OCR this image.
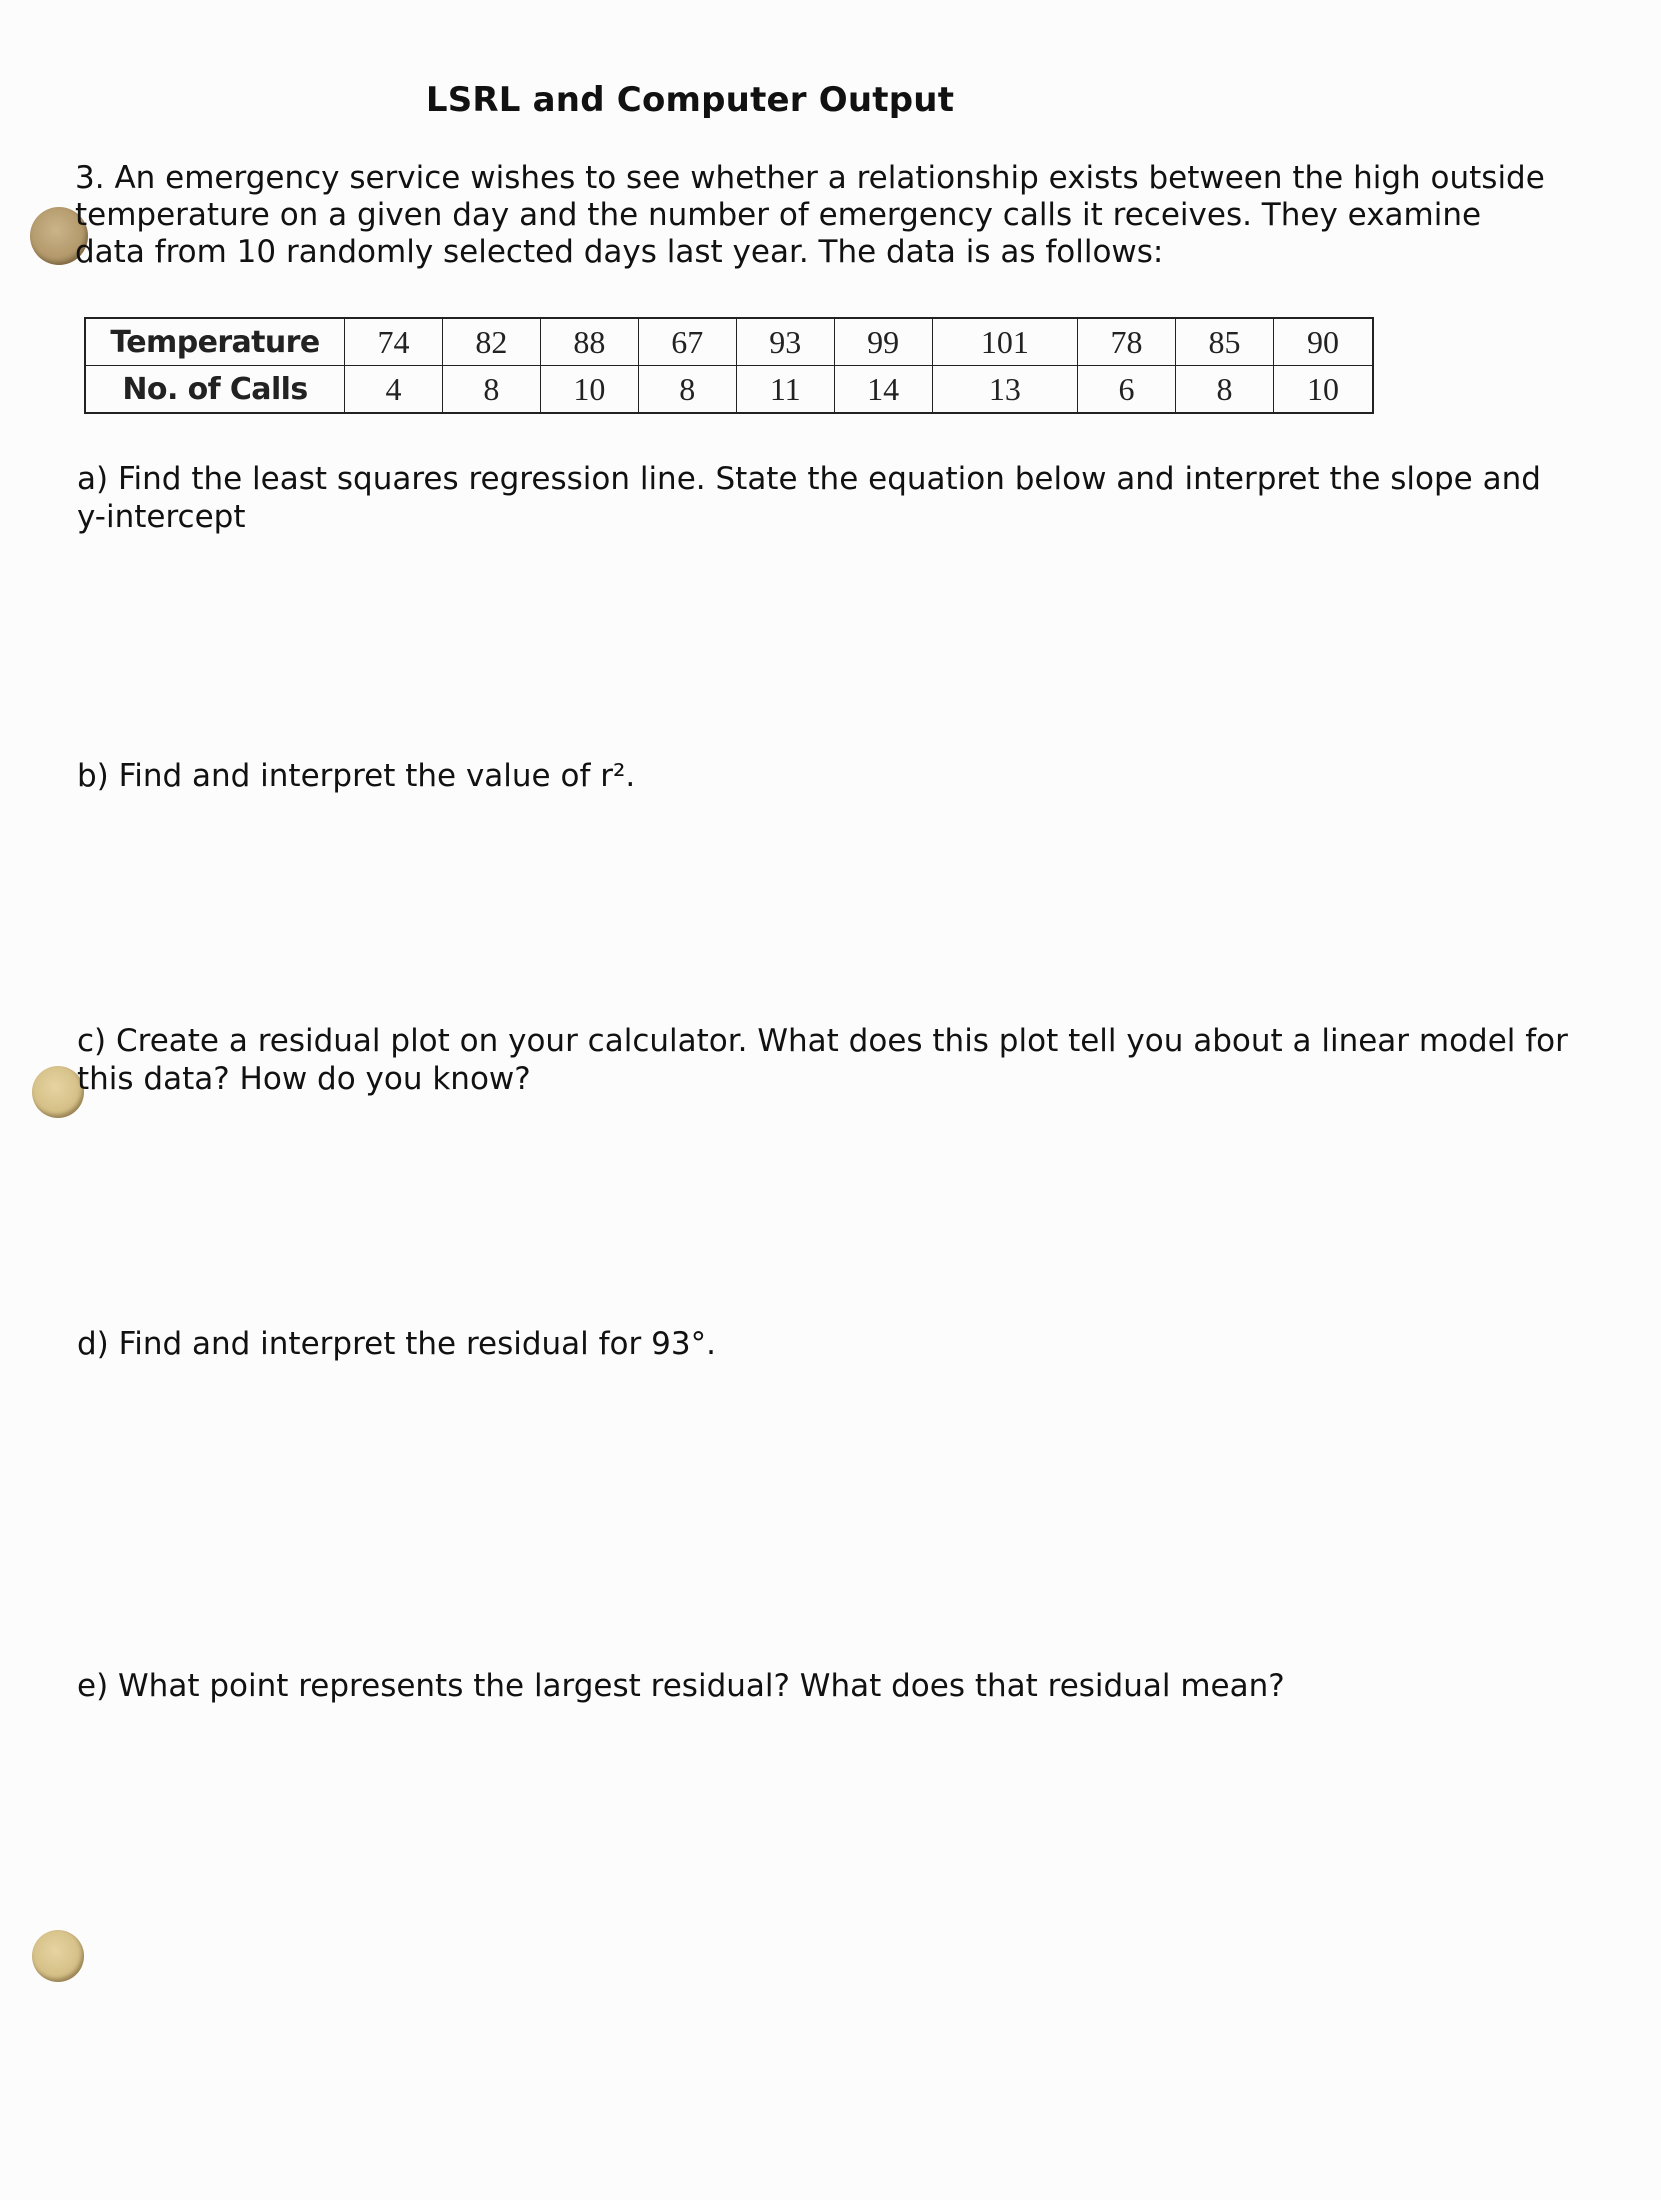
LSRL and Computer Output
3. An emergency service wishes to see whether a relationship exists between the high outside temperature on a given day and the number of emergency calls it receives. They examine data from 10 randomly selected days last year. The data is as follows:
Temperature	74	82	88	67	93	99	101	78	85	90
No. of Calls	4	8	10	8	11	14	13	6	8	10
a) Find the least squares regression line. State the equation below and interpret the slope and y-intercept
b) Find and interpret the value of r².
c) Create a residual plot on your calculator. What does this plot tell you about a linear model for this data? How do you know?
d) Find and interpret the residual for 93°.
e) What point represents the largest residual? What does that residual mean?
